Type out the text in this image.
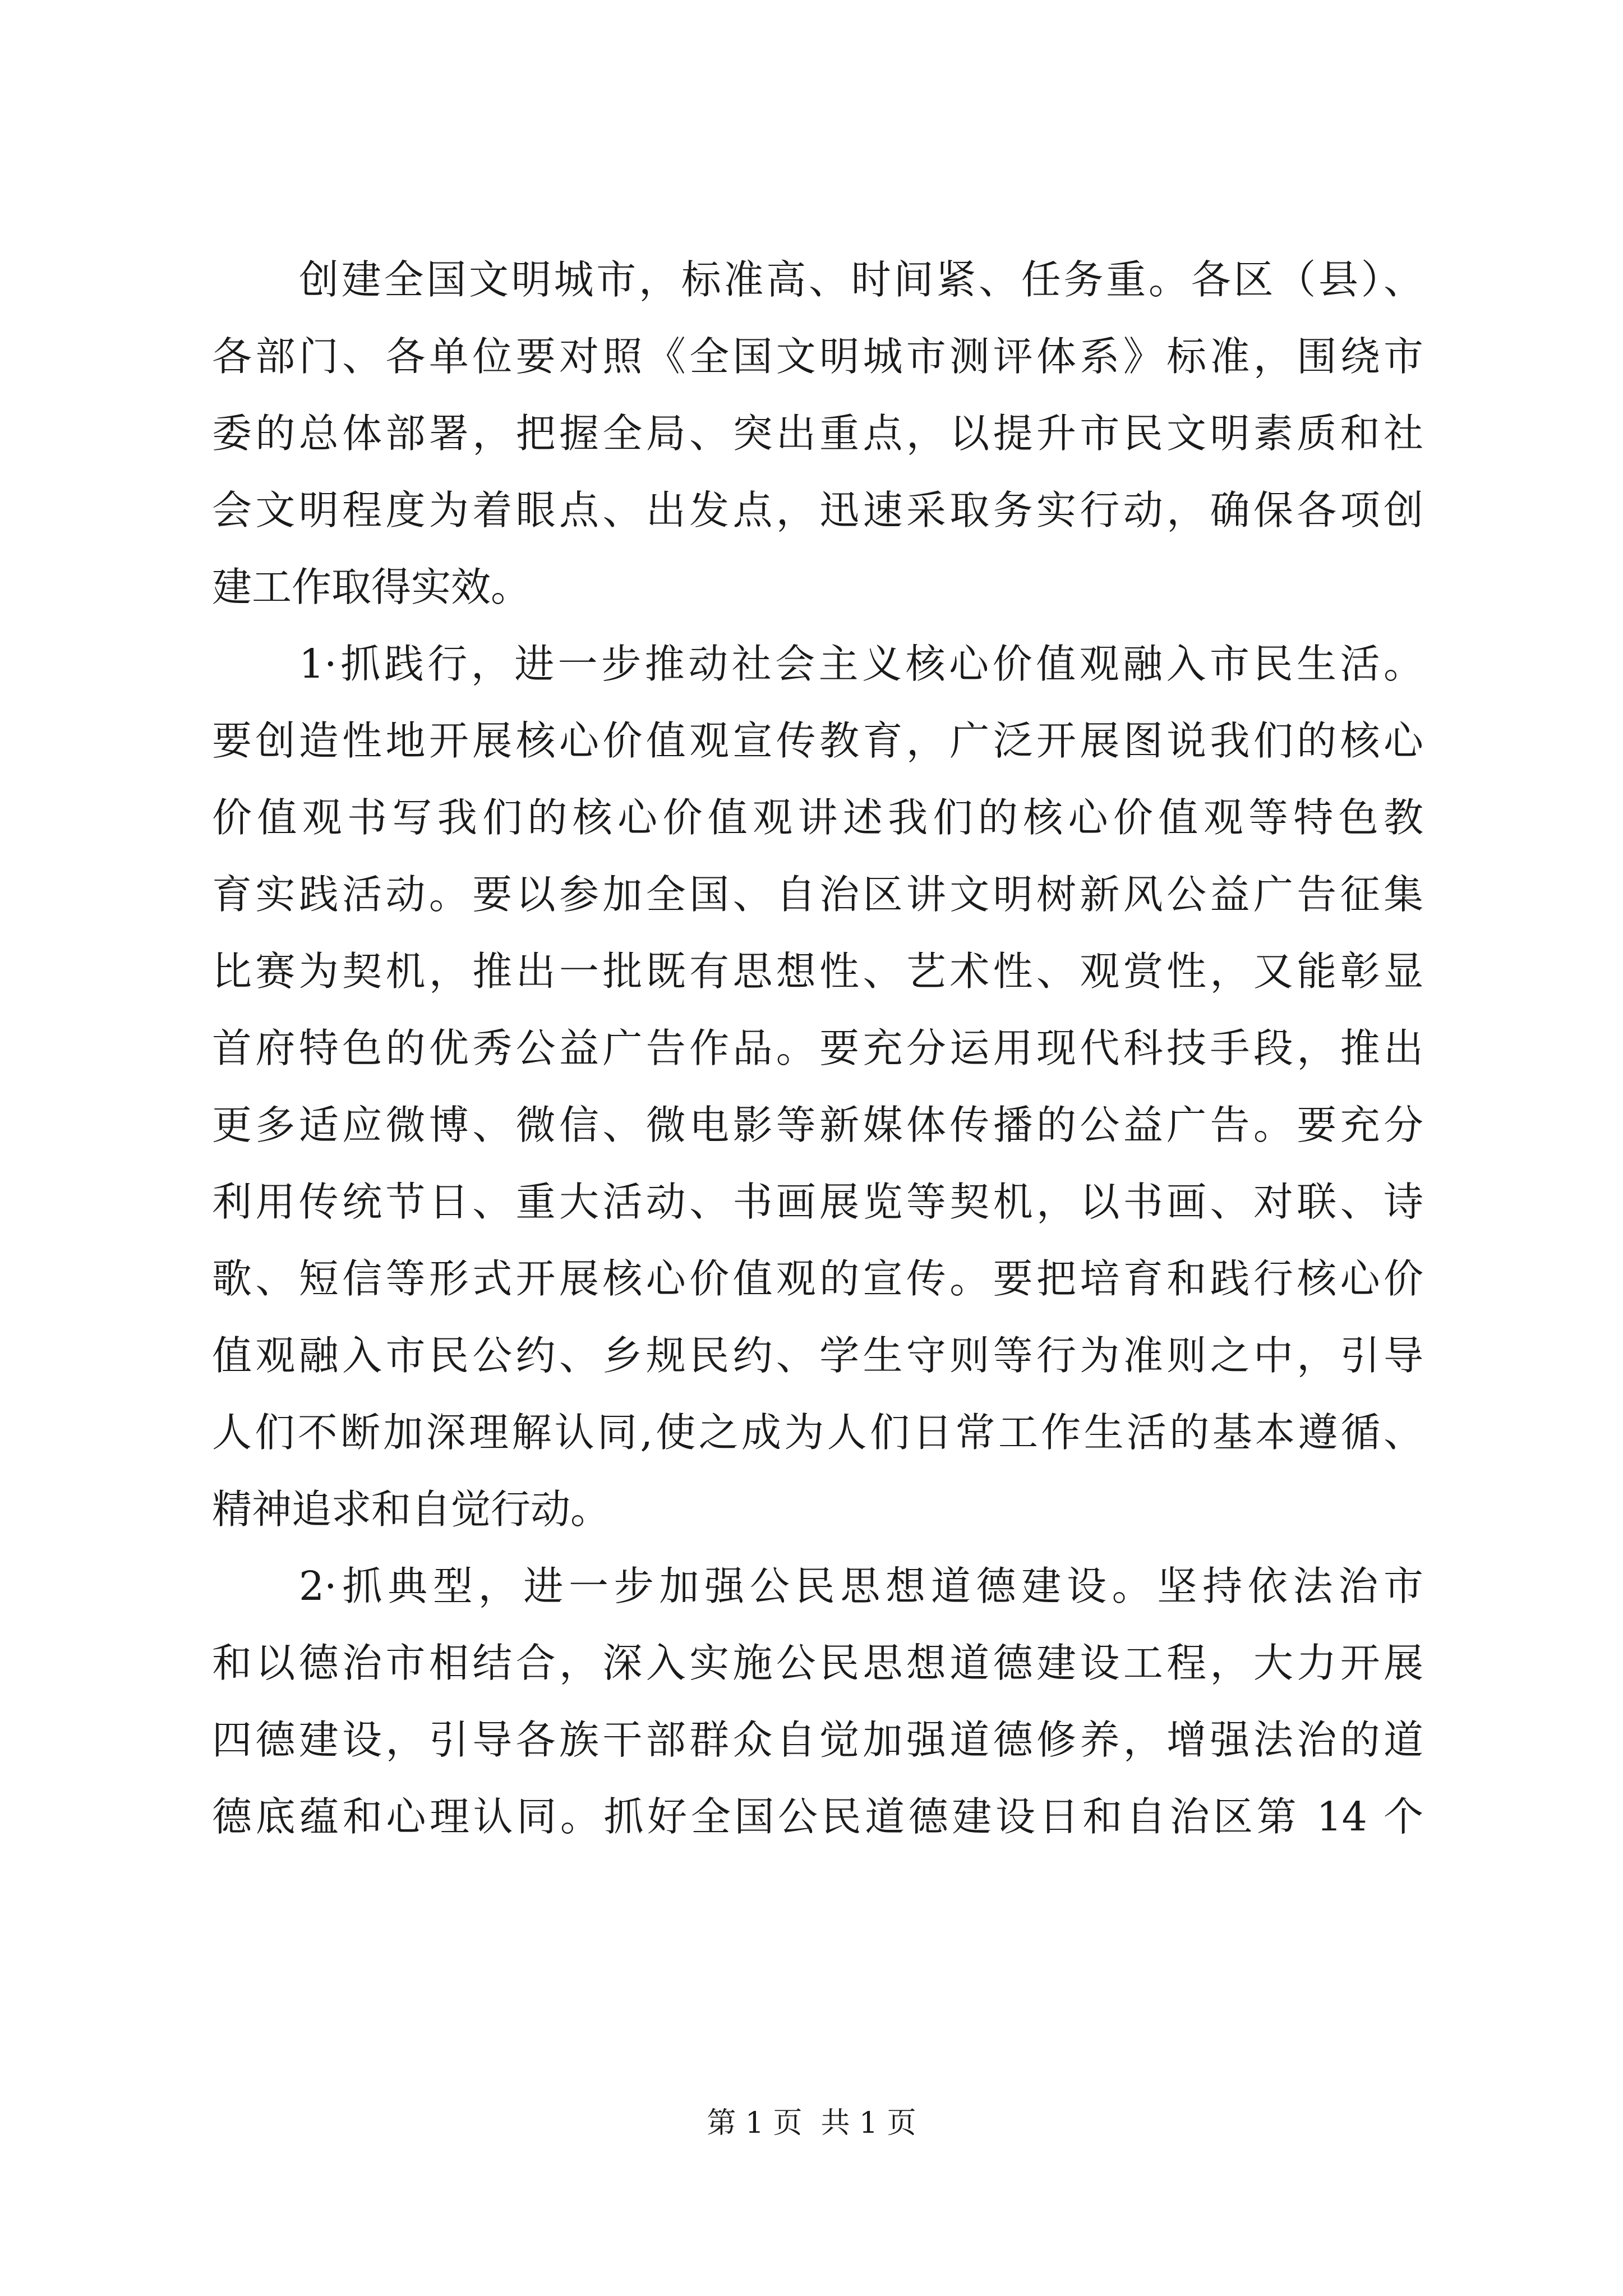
创建全国文明城市，标准高、时间紧、任务重。各区（县）、
各部门、各单位要对照《全国文明城市测评体系》标准，围绕市
委的总体部署，把握全局、突出重点，以提升市民文明素质和社
会文明程度为着眼点、出发点，迅速采取务实行动，确保各项创
建工作取得实效。
1·抓践行，进一步推动社会主义核心价值观融入市民生活。
要创造性地开展核心价值观宣传教育，广泛开展图说我们的核心
价值观书写我们的核心价值观讲述我们的核心价值观等特色教
育实践活动。要以参加全国、自治区讲文明树新风公益广告征集
比赛为契机，推出一批既有思想性、艺术性、观赏性，又能彰显
首府特色的优秀公益广告作品。要充分运用现代科技手段，推出
更多适应微博、微信、微电影等新媒体传播的公益广告。要充分
利用传统节日、重大活动、书画展览等契机，以书画、对联、诗
歌、短信等形式开展核心价值观的宣传。要把培育和践行核心价
值观融入市民公约、乡规民约、学生守则等行为准则之中，引导
人们不断加深理解认同,使之成为人们日常工作生活的基本遵循、
精神追求和自觉行动。
2·抓典型，进一步加强公民思想道德建设。坚持依法治市
和以德治市相结合，深入实施公民思想道德建设工程，大力开展
四德建设，引导各族干部群众自觉加强道德修养，增强法治的道
德底蕴和心理认同。抓好全国公民道德建设日和自治区第 14 个
第 1 页  共 1 页
